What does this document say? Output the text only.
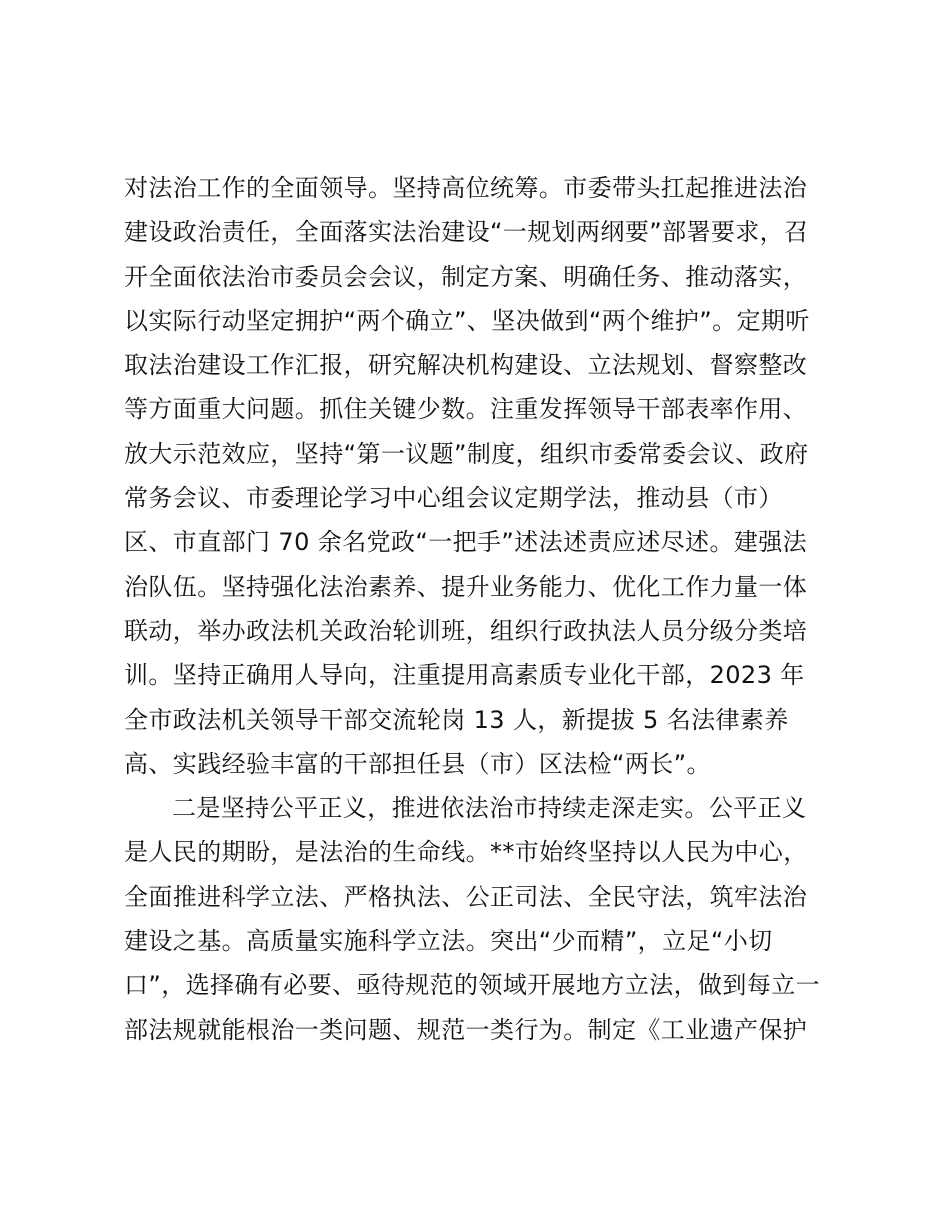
对法治工作的全面领导。坚持高位统筹。市委带头扛起推进法治
建设政治责任，全面落实法治建设“一规划两纲要”部署要求，召
开全面依法治市委员会会议，制定方案、明确任务、推动落实，
以实际行动坚定拥护“两个确立”、坚决做到“两个维护”。定期听
取法治建设工作汇报，研究解决机构建设、立法规划、督察整改
等方面重大问题。抓住关键少数。注重发挥领导干部表率作用、
放大示范效应，坚持“第一议题”制度，组织市委常委会议、政府
常务会议、市委理论学习中心组会议定期学法，推动县（市）
区、市直部门 70 余名党政“一把手”述法述责应述尽述。建强法
治队伍。坚持强化法治素养、提升业务能力、优化工作力量一体
联动，举办政法机关政治轮训班，组织行政执法人员分级分类培
训。坚持正确用人导向，注重提用高素质专业化干部，2023 年
全市政法机关领导干部交流轮岗 13 人，新提拔 5 名法律素养
高、实践经验丰富的干部担任县（市）区法检“两长”。
二是坚持公平正义，推进依法治市持续走深走实。公平正义
是人民的期盼，是法治的生命线。**市始终坚持以人民为中心，
全面推进科学立法、严格执法、公正司法、全民守法，筑牢法治
建设之基。高质量实施科学立法。突出“少而精”，立足“小切
口”，选择确有必要、亟待规范的领域开展地方立法，做到每立一
部法规就能根治一类问题、规范一类行为。制定《工业遗产保护
